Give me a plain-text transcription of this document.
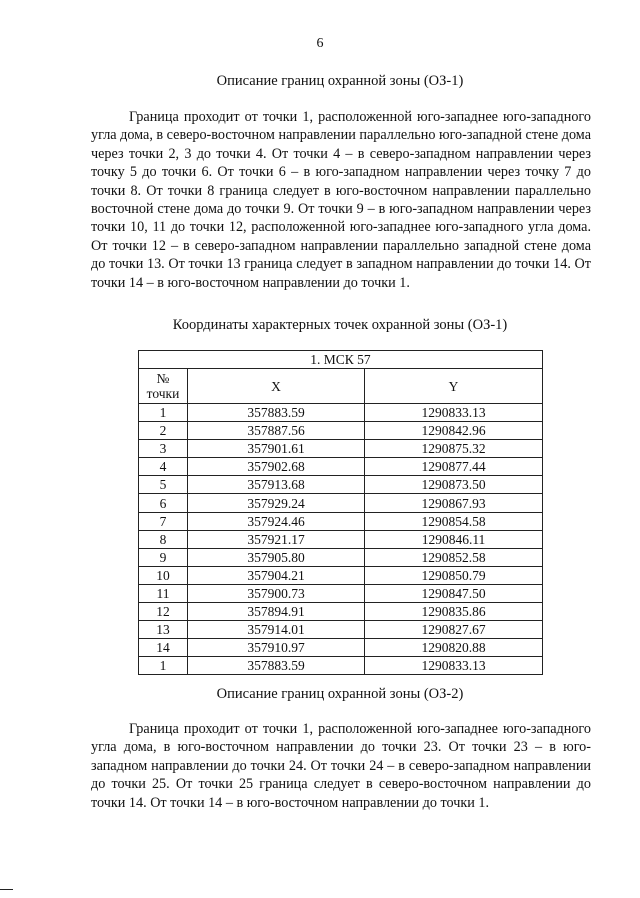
6
Описание границ охранной зоны (ОЗ-1)

Граница проходит от точки 1, расположенной юго-западнее юго-западного угла дома, в северо-восточном направлении параллельно юго-западной стене дома через точки 2, 3 до точки 4. От точки 4 – в северо-западном направлении через точку 5 до точки 6. От точки 6 – в юго-западном направлении через точку 7 до точки 8. От точки 8 граница следует в юго-восточном направлении параллельно восточной стене дома до точки 9. От точки 9 – в юго-западном направлении через точки 10, 11 до точки 12, расположенной юго-западнее юго-западного угла дома. От точки 12 – в северо-западном направлении параллельно западной стене дома до точки 13. От точки 13 граница следует в западном направлении до точки 14. От точки 14 – в юго-восточном направлении до точки 1.

Координаты характерных точек охранной зоны (ОЗ-1)
1. МСК 57		
№ точки	X	Y
1	357883.59	1290833.13
2	357887.56	1290842.96
3	357901.61	1290875.32
4	357902.68	1290877.44
5	357913.68	1290873.50
6	357929.24	1290867.93
7	357924.46	1290854.58
8	357921.17	1290846.11
9	357905.80	1290852.58
10	357904.21	1290850.79
11	357900.73	1290847.50
12	357894.91	1290835.86
13	357914.01	1290827.67
14	357910.97	1290820.88
1	357883.59	1290833.13
Описание границ охранной зоны (ОЗ-2)

Граница проходит от точки 1, расположенной юго-западнее юго-западного угла дома, в юго-восточном направлении до точки 23. От точки 23 – в юго-западном направлении до точки 24. От точки 24 – в северо-западном направлении до точки 25. От точки 25 граница следует в северо-восточном направлении до точки 14. От точки 14 – в юго-восточном направлении до точки 1.
